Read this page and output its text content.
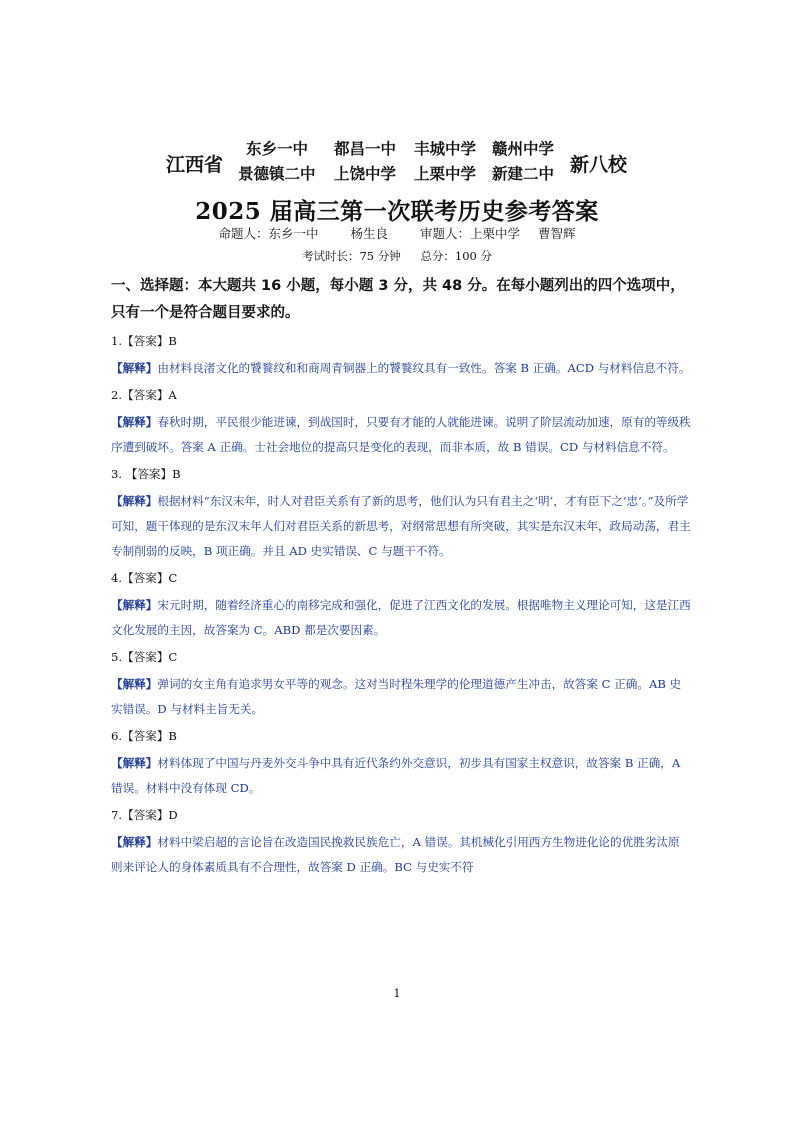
江西省
东乡一中 都昌一中 丰城中学 赣州中学
景德镇二中 上饶中学 上栗中学 新建二中 新八校
2025 届高三第一次联考历史参考答案
命题人：东乡一中	杨生良	审题人：上栗中学 曹智辉
考试时长：75 分钟 总分：100 分
一、选择题：本大题共 16 小题，每小题 3 分，共 48 分。在每小题列出的四个选项中，只有一个是符合题目要求的。
1.【答案】B
【解释】由材料良渚文化的饕餮纹和和商周青铜器上的饕餮纹具有一致性。答案 B 正确。ACD 与材料信息不符。
2.【答案】A
【解释】春秋时期，平民很少能进谏，到战国时，只要有才能的人就能进谏。说明了阶层流动加速，原有的等级秩序遭到破坏。答案 A 正确。士社会地位的提高只是变化的表现，而非本质，故 B 错误。CD 与材料信息不符。
3. 【答案】B
【解释】根据材料“东汉末年，时人对君臣关系有了新的思考，他们认为只有君主之‘明’，才有臣下之‘忠’。”及所学可知，题干体现的是东汉末年人们对君臣关系的新思考，对纲常思想有所突破，其实是东汉末年，政局动荡，君主专制削弱的反映，B 项正确。并且 AD 史实错误、C 与题干不符。
4.【答案】C
【解释】宋元时期，随着经济重心的南移完成和强化，促进了江西文化的发展。根据唯物主义理论可知，这是江西文化发展的主因，故答案为 C。ABD 都是次要因素。
5.【答案】C
【解释】弹词的女主角有追求男女平等的观念。这对当时程朱理学的伦理道德产生冲击，故答案 C 正确。AB 史实错误。D 与材料主旨无关。
6.【答案】B
【解释】材料体现了中国与丹麦外交斗争中具有近代条约外交意识，初步具有国家主权意识，故答案 B 正确，A 错误。材料中没有体现 CD。
7.【答案】D
【解释】材料中梁启超的言论旨在改造国民挽救民族危亡，A 错误。其机械化引用西方生物进化论的优胜劣汰原则来评论人的身体素质具有不合理性，故答案 D 正确。BC 与史实不符
1
